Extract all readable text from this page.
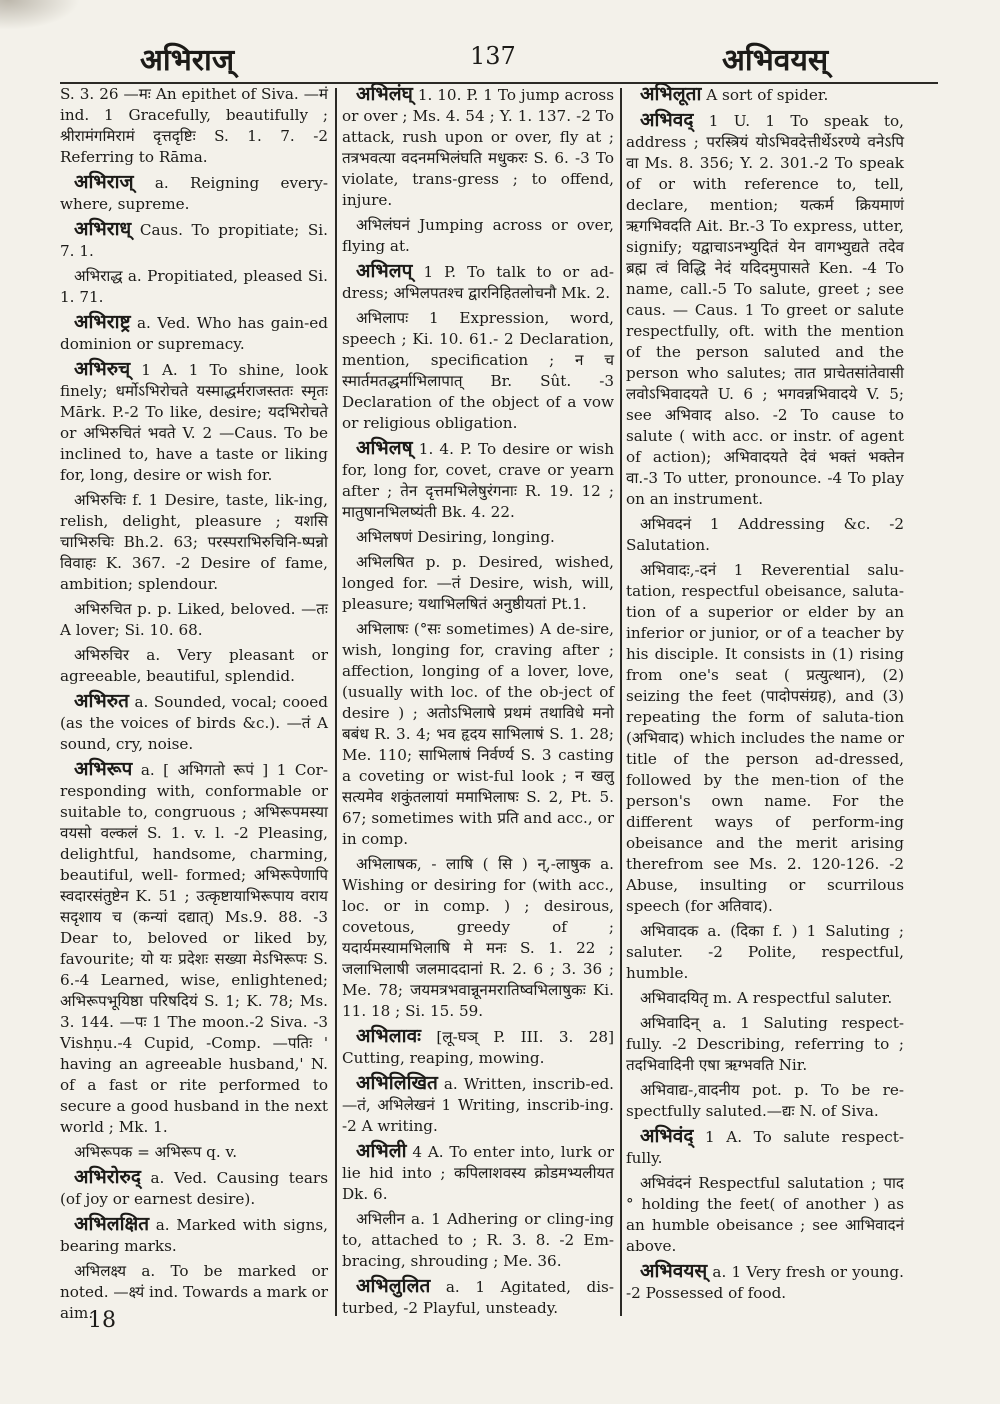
अभिराज्	137	अभिवयस्

S. 3. 26 —मः An epithet of Siva. —मं ind. 1 Gracefully, beautifully ; श्रीरामंगमिरामं दृत्तदृष्टिः S. 1. 7. -2 Referring to Rāma.

अभिराज् a. Reigning every-where, supreme.

अभिराध् Caus. To propitiate; Si. 7. 1.

अभिराद्ध a. Propitiated, pleased Si. 1. 71.

अभिराष्ट्र a. Ved. Who has gain-ed dominion or supremacy.

अभिरुच् 1 A. 1 To shine, look finely; धर्मोऽभिरोचते यस्माद्धर्मराजस्ततः स्मृतः Mārk. P.-2 To like, desire; यदभिरोचते or अभिरुचितं भवते V. 2 —Caus. To be inclined to, have a taste or liking for, long, desire or wish for.

अभिरुचिः f. 1 Desire, taste, lik-ing, relish, delight, pleasure ; यशसि चाभिरुचिः Bh.2. 63; परस्पराभिरुचिनि-ष्पन्नो विवाहः K. 367. -2 Desire of fame, ambition; splendour.

अभिरुचित p. p. Liked, beloved. —तः A lover; Si. 10. 68.

अभिरुचिर a. Very pleasant or agreeable, beautiful, splendid.

अभिरुत a. Sounded, vocal; cooed (as the voices of birds &c.). —तं A sound, cry, noise.

अभिरूप a. [ अभिगतो रूपं ] 1 Cor-responding with, conformable or suitable to, congruous ; अभिरूपमस्या वयसो वल्कलं S. 1. v. l. -2 Pleasing, delightful, handsome, charming, beautiful, well- formed; अभिरूपेणापि स्वदारसंतुष्टेन K. 51 ; उत्कृष्टायाभिरूपाय वराय सदृशाय च (कन्यां दद्यात्) Ms.9. 88. -3 Dear to, beloved or liked by, favourite; यो यः प्रदेशः सख्या मेऽभिरूपः S. 6.-4 Learned, wise, enlightened; अभिरूपभूयिष्ठा परिषदियं S. 1; K. 78; Ms. 3. 144. —पः 1 The moon.-2 Siva. -3 Vishṇu.-4 Cupid, -Comp. —पतिः ' having an agreeable husband,' N. of a fast or rite performed to secure a good husband in the next world ; Mk. 1.

अभिरूपक = अभिरूप q. v.

अभिरोरुद् a. Ved. Causing tears (of joy or earnest desire).

अभिलक्षित a. Marked with signs, bearing marks.

अभिलक्ष्य a. To be marked or noted. —क्ष्यं ind. Towards a mark or aim.

अभिलंघ् 1. 10. P. 1 To jump across or over ; Ms. 4. 54 ; Y. 1. 137. -2 To attack, rush upon or over, fly at ; तत्रभवत्या वदनमभिलंघति मधुकरः S. 6. -3 To violate, trans-gress ; to offend, injure.

अभिलंघनं Jumping across or over, flying at.

अभिलप् 1 P. To talk to or ad-dress; अभिलपतश्च द्वारनिहितलोचनौ Mk. 2.

अभिलापः 1 Expression, word, speech ; Ki. 10. 61.- 2 Declaration, mention, specification ; न च स्मार्तमतद्धर्माभिलापात् Br. Sût. -3 Declaration of the object of a vow or religious obligation.

अभिलष् 1. 4. P. To desire or wish for, long for, covet, crave or yearn after ; तेन दृत्तमभिलेषुरंगनाः R. 19. 12 ; मातुषानभिलष्यंती Bk. 4. 22.

अभिलषणं Desiring, longing.

अभिलषित p. p. Desired, wished, longed for. —तं Desire, wish, will, pleasure; यथाभिलषितं अनुष्ठीयतां Pt.1.

अभिलाषः (°सः sometimes) A de-sire, wish, longing for, craving after ; affection, longing of a lover, love, (usually with loc. of the ob-ject of desire ) ; अतोऽभिलाषे प्रथमं तथाविधे मनो बबंध R. 3. 4; भव हृदय साभिलाषं S. 1. 28; Me. 110; साभिलाषं निर्वर्ण्य S. 3 casting a coveting or wist-ful look ; न खलु सत्यमेव शकुंतलायां ममाभिलाषः S. 2, Pt. 5. 67; sometimes with प्रति and acc., or in comp.

अभिलाषक, - लाषि ( सि ) न्,-लाषुक a. Wishing or desiring for (with acc., loc. or in comp. ) ; desirous, covetous, greedy of ; यदार्यमस्यामभिलाषि मे मनः S. 1. 22 ; जलाभिलाषी जलमाददानां R. 2. 6 ; 3. 36 ; Me. 78; जयमत्रभवान्नूनमरातिष्वभिलाषुकः Ki. 11. 18 ; Si. 15. 59.

अभिलावः [लू-घञ् P. III. 3. 28] Cutting, reaping, mowing.

अभिलिखित a. Written, inscrib-ed.—तं, अभिलेखनं 1 Writing, inscrib-ing. -2 A writing.

अभिली 4 A. To enter into, lurk or lie hid into ; कपिलाशवस्य क्रोडमभ्यलीयत Dk. 6.

अभिलीन a. 1 Adhering or cling-ing to, attached to ; R. 3. 8. -2 Em-bracing, shrouding ; Me. 36.

अभिलुलित a. 1 Agitated, dis-turbed, -2 Playful, unsteady.

अभिलूता A sort of spider.

अभिवद् 1 U. 1 To speak to, address ; परस्त्रियं योऽभिवदेत्तीर्थेऽरण्ये वनेऽपि वा Ms. 8. 356; Y. 2. 301.-2 To speak of or with reference to, tell, declare, mention; यत्कर्म क्रियमाणं ऋगभिवदति Ait. Br.-3 To express, utter, signify; यद्वाचाऽनभ्युदितं येन वागभ्युद्यते तदेव ब्रह्म त्वं विद्धि नेदं यदिदमुपासते Ken. -4 To name, call.-5 To salute, greet ; see caus. — Caus. 1 To greet or salute respectfully, oft. with the mention of the person saluted and the person who salutes; तात प्राचेतसांतेवासी लवोऽभिवादयते U. 6 ; भगवन्नभिवादये V. 5; see अभिवाद also. -2 To cause to salute ( with acc. or instr. of agent of action); अभिवादयते देवं भक्तं भक्तेन वा.-3 To utter, pronounce. -4 To play on an instrument.

अभिवदनं 1 Addressing &c. -2 Salutation.

अभिवादः,-दनं 1 Reverential salu-tation, respectful obeisance, saluta-tion of a superior or elder by an inferior or junior, or of a teacher by his disciple. It consists in (1) rising from one's seat ( प्रत्युत्थान), (2) seizing the feet (पादोपसंग्रह), and (3) repeating the form of saluta-tion (अभिवाद) which includes the name or title of the person ad-dressed, followed by the men-tion of the person's own name. For the different ways of perform-ing obeisance and the merit arising therefrom see Ms. 2. 120-126. -2 Abuse, insulting or scurrilous speech (for अतिवाद).

अभिवादक a. (दिका f. ) 1 Saluting ; saluter. -2 Polite, respectful, humble.

अभिवादयितृ m. A respectful saluter.

अभिवादिन् a. 1 Saluting respect-fully. -2 Describing, referring to ; तदभिवादिनी एषा ऋग्भवति Nir.

अभिवाद्य-,वादनीय pot. p. To be re-spectfully saluted.—द्यः N. of Siva.

अभिवंद् 1 A. To salute respect-fully.

अभिवंदनं Respectful salutation ; पाद ° holding the feet( of another ) as an humble obeisance ; see आभिवादनं above.

अभिवयस् a. 1 Very fresh or young. -2 Possessed of food.

18
